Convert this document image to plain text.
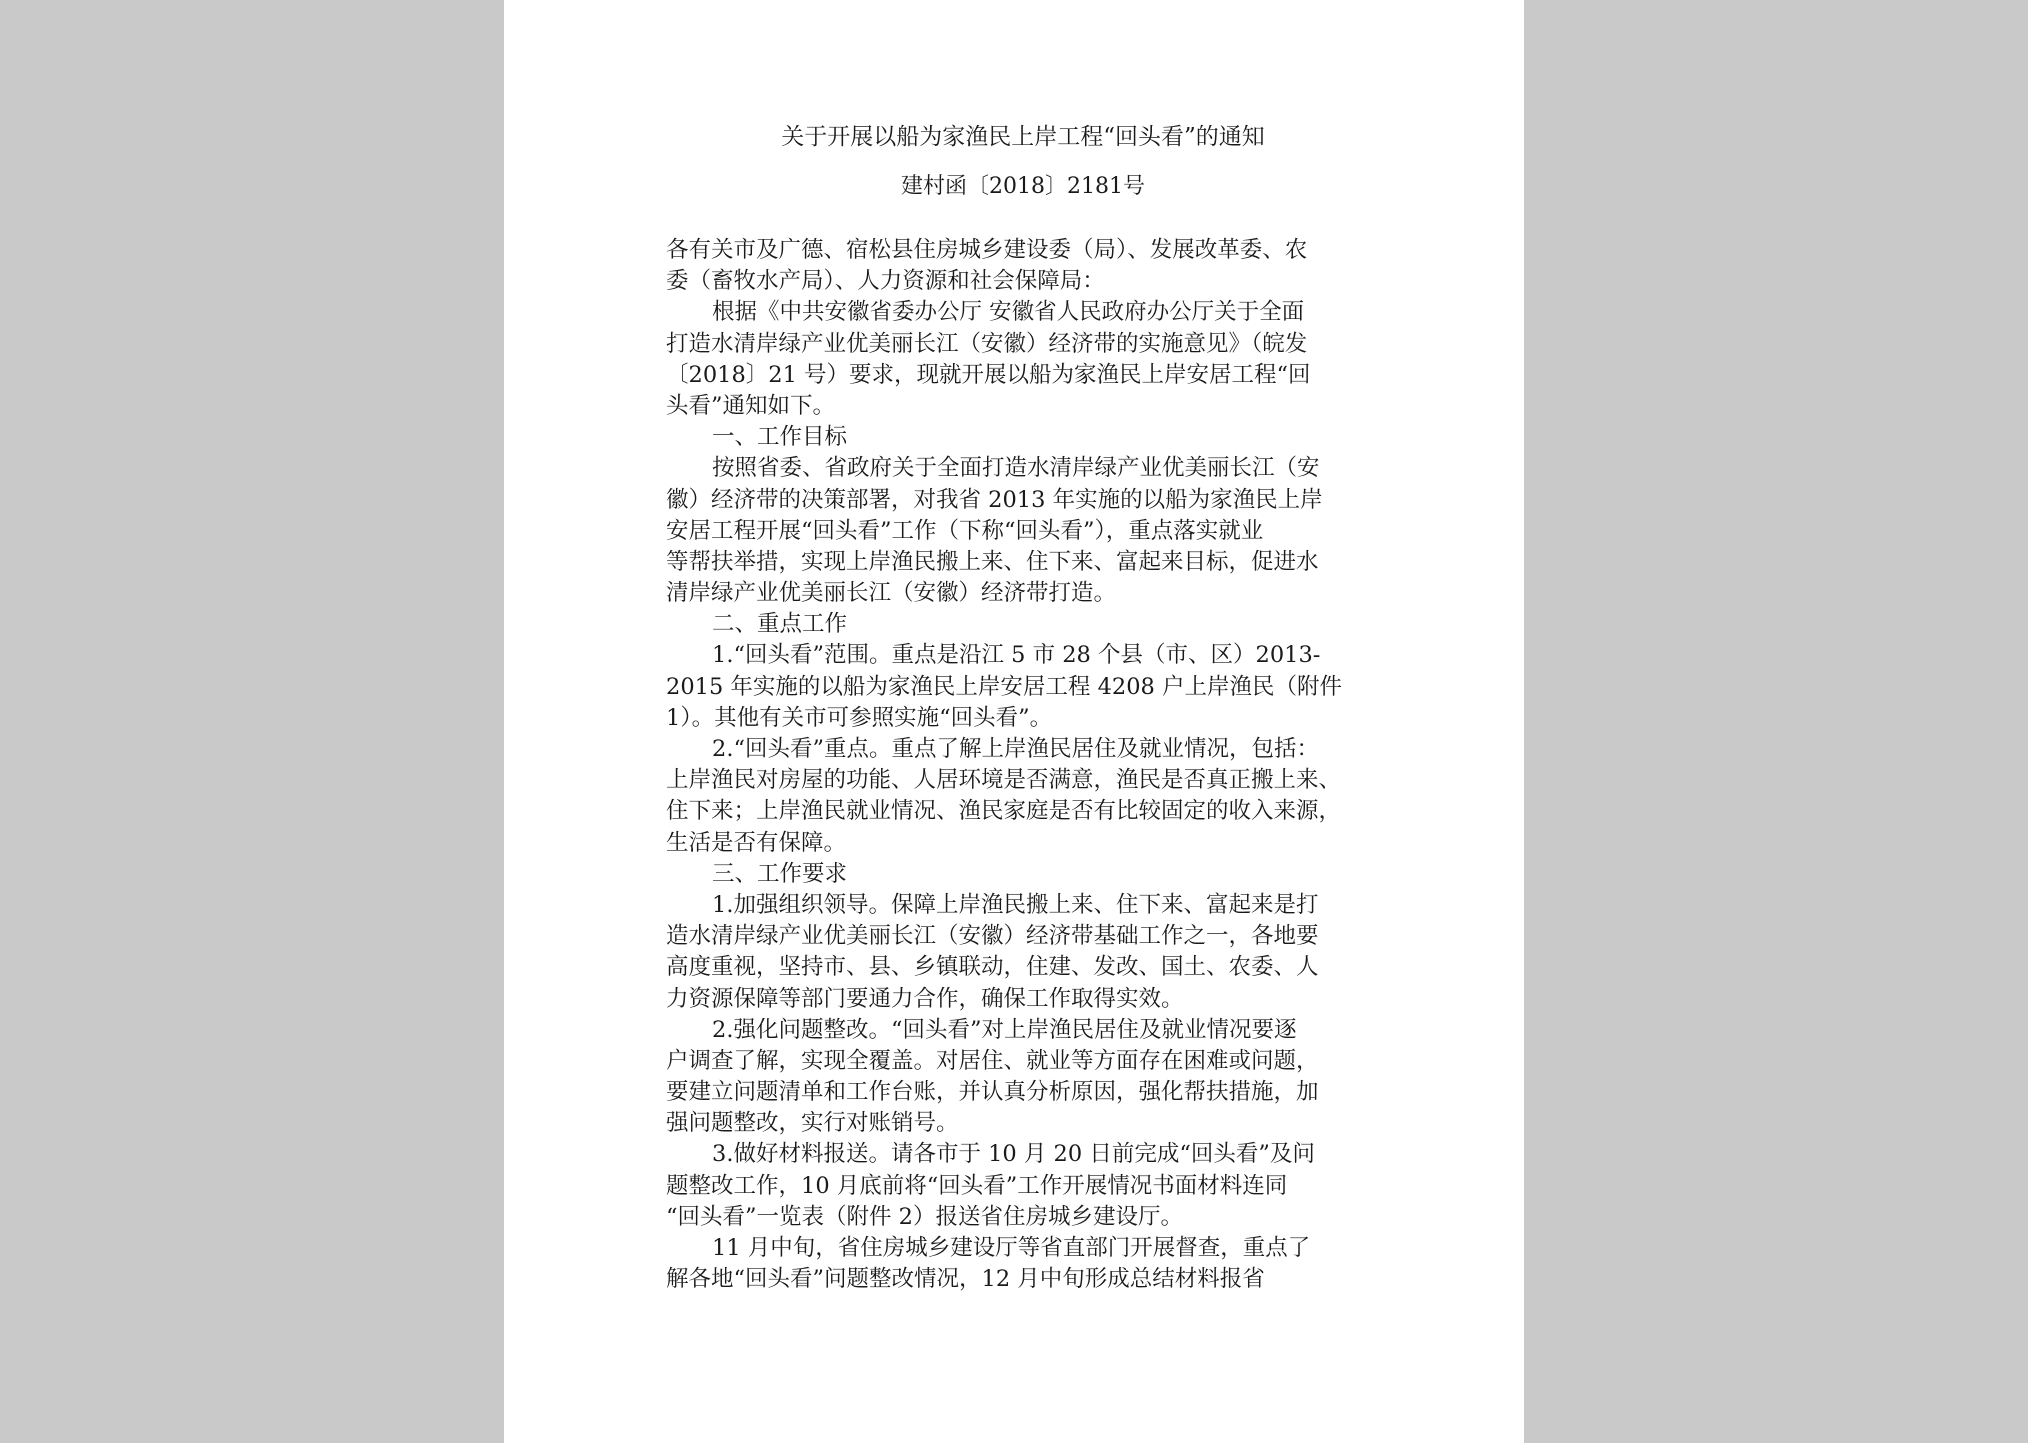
关于开展以船为家渔民上岸工程“回头看”的通知
建村函〔2018〕2181号
各有关市及广德、宿松县住房城乡建设委（局）、发展改革委、农
委（畜牧水产局）、人力资源和社会保障局：
根据《中共安徽省委办公厅 安徽省人民政府办公厅关于全面
打造水清岸绿产业优美丽长江（安徽）经济带的实施意见》（皖发
〔2018〕21 号）要求，现就开展以船为家渔民上岸安居工程“回
头看”通知如下。
一、工作目标
按照省委、省政府关于全面打造水清岸绿产业优美丽长江（安
徽）经济带的决策部署，对我省 2013 年实施的以船为家渔民上岸
安居工程开展“回头看”工作（下称“回头看”），重点落实就业
等帮扶举措，实现上岸渔民搬上来、住下来、富起来目标，促进水
清岸绿产业优美丽长江（安徽）经济带打造。
二、重点工作
1.“回头看”范围。重点是沿江 5 市 28 个县（市、区）2013-
2015 年实施的以船为家渔民上岸安居工程 4208 户上岸渔民（附件
1）。其他有关市可参照实施“回头看”。
2.“回头看”重点。重点了解上岸渔民居住及就业情况，包括：
上岸渔民对房屋的功能、人居环境是否满意，渔民是否真正搬上来、
住下来；上岸渔民就业情况、渔民家庭是否有比较固定的收入来源，
生活是否有保障。
三、工作要求
1.加强组织领导。保障上岸渔民搬上来、住下来、富起来是打
造水清岸绿产业优美丽长江（安徽）经济带基础工作之一，各地要
高度重视，坚持市、县、乡镇联动，住建、发改、国土、农委、人
力资源保障等部门要通力合作，确保工作取得实效。
2.强化问题整改。“回头看”对上岸渔民居住及就业情况要逐
户调查了解，实现全覆盖。对居住、就业等方面存在困难或问题，
要建立问题清单和工作台账，并认真分析原因，强化帮扶措施，加
强问题整改，实行对账销号。
3.做好材料报送。请各市于 10 月 20 日前完成“回头看”及问
题整改工作，10 月底前将“回头看”工作开展情况书面材料连同
“回头看”一览表（附件 2）报送省住房城乡建设厅。
11 月中旬，省住房城乡建设厅等省直部门开展督查，重点了
解各地“回头看”问题整改情况，12 月中旬形成总结材料报省
